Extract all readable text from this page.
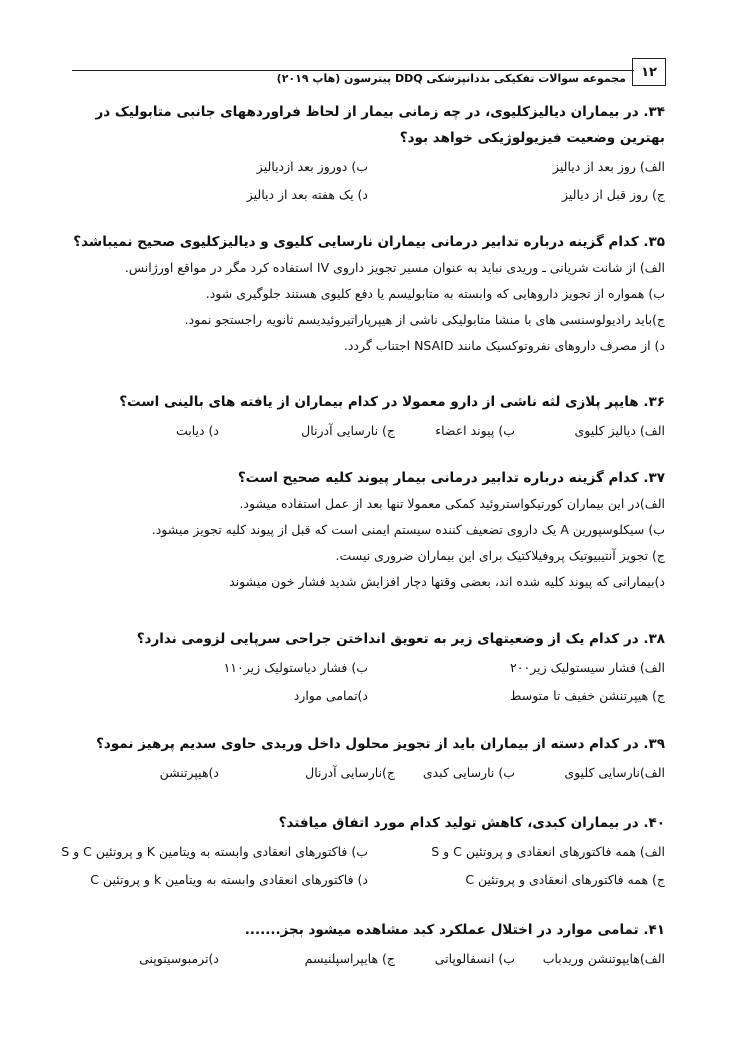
۱۲
مجموعه سوالات تفکیکی بذدانپزشکی DDQ پیترسون (هاپ ۲۰۱۹)

۳۴. در بیماران دیالیزکلیوی، در چه زمانی بیمار از لحاظ فراوردههای جانبی متابولیک در بهترین وضعیت فیزیولوژیکی خواهد بود؟

الف) روز بعد از دیالیز
ب) دوروز بعد ازدیالیز
ج) روز قبل از دیالیز
د) یک هفته بعد از دیالیز

۳۵. کدام گزینه درباره تدابیر درمانی بیماران نارسایی کلیوی و دیالیزکلیوی صحیح نمیباشد؟

الف) از شانت شریانی ـ وریدی نباید به عنوان مسیر تجویز داروی IV استفاده کرد مگر در مواقع اورژانس.
ب) همواره از تجویز داروهایی که وابسته به متابولیسم یا دفع کلیوی هستند جلوگیری شود.
ج)باید رادیولوسنسی های با منشا متابولیکی ناشی از هیپرپاراتیروئیدیسم ثانویه راجستجو نمود.
د) از مصرف داروهای نفروتوکسیک مانند NSAID اجتناب گردد.

۳۶. هایپر پلازی لثه ناشی از دارو معمولا در کدام بیماران از یافته های بالینی است؟

الف) دیالیز کلیوی
ب) پیوند اعضاء
ج) نارسایی آدرنال
د) دیابت

۳۷. کدام گزینه درباره تدابیر درمانی بیمار پیوند کلیه صحیح است؟

الف)در این بیماران کورتیکواستروئید کمکی معمولا تنها بعد از عمل استفاده میشود.
ب) سیکلوسپورین A یک داروی تضعیف کننده سیستم ایمنی است که قبل از پیوند کلیه تجویز میشود.
ج) تجویز آنتیبیوتیک پروفیلاکتیک برای این بیماران ضروری نیست.
د)بیمارانی که پیوند کلیه شده اند، بعضی وقتها دچار افزایش شدید فشار خون میشوند

۳۸. در کدام یک از وضعیتهای زیر به تعویق انداختن جراحی سرپایی لزومی ندارد؟

الف) فشار سیستولیک زیر۲۰۰
ب) فشار دیاستولیک زیر۱۱۰
ج) هیپرتنشن خفیف تا متوسط
د)تمامی موارد

۳۹. در کدام دسته از بیماران باید از تجویز محلول داخل وریدی حاوی سدیم پرهیز نمود؟

الف)نارسایی کلیوی
ب) نارسایی کبدی
ج)نارسایی آدرنال
د)هیپرتنشن

۴۰. در بیماران کبدی، کاهش تولید کدام مورد اتفاق میافتد؟

الف) همه فاکتورهای انعقادی و پروتئین C و S
ب) فاکتورهای انعقادی وابسته به ویتامین K و پروتئین C و S
ج) همه فاکتورهای انعقادی و پروتئین C
د) فاکتورهای انعقادی وابسته به ویتامین k و پروتئین C

۴۱. تمامی موارد در اختلال عملکرد کبد مشاهده میشود بجز.......

الف)هایپوتنشن وریدباب
ب) انسفالوپاتی
ج) هایپراسپلنیسم
د)ترمبوسیتوپنی
